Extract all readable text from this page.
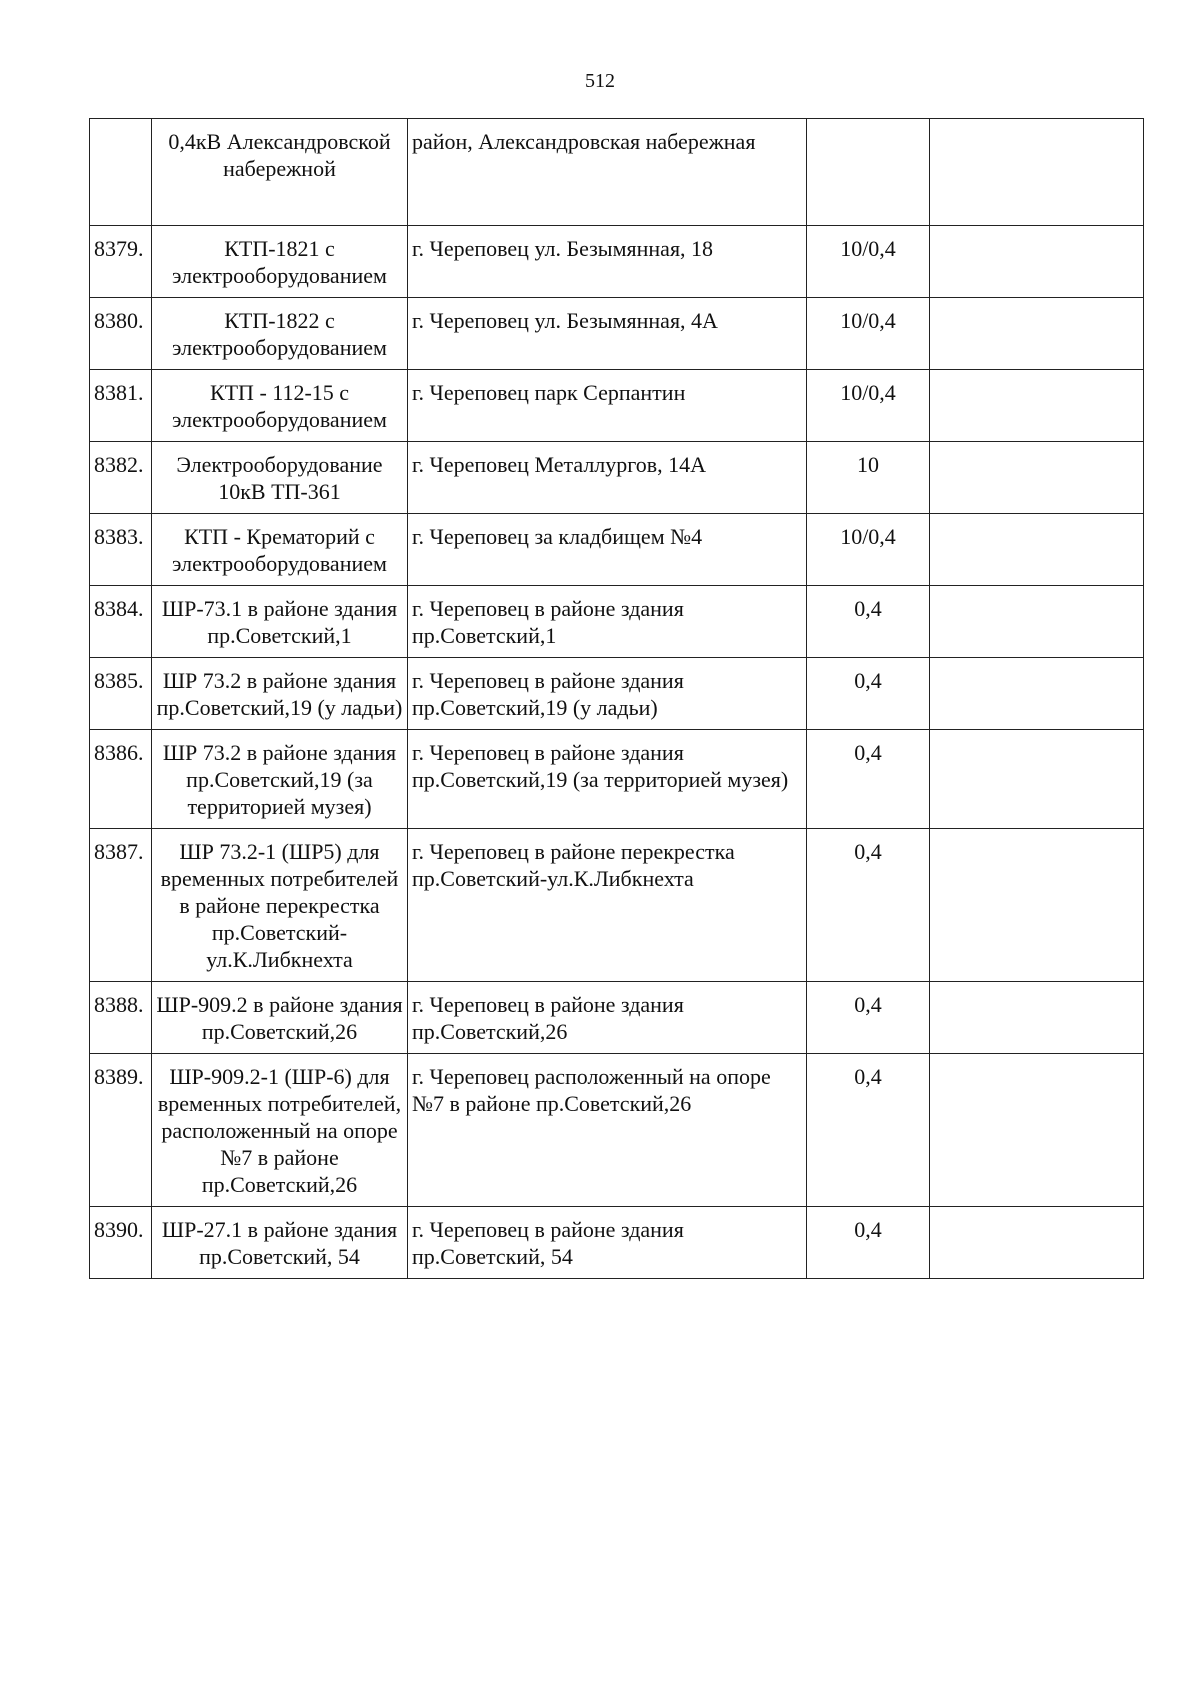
512
	0,4кВ Александровской набережной	район, Александровская набережная		
8379.	КТП-1821 с электрооборудованием	г. Череповец ул. Безымянная, 18	10/0,4	
8380.	КТП-1822 с электрооборудованием	г. Череповец ул. Безымянная, 4А	10/0,4	
8381.	КТП - 112-15 с электрооборудованием	г. Череповец парк Серпантин	10/0,4	
8382.	Электрооборудование 10кВ ТП-361	г. Череповец Металлургов, 14А	10	
8383.	КТП - Крематорий с электрооборудованием	г. Череповец за кладбищем №4	10/0,4	
8384.	ШР-73.1 в районе здания пр.Советский,1	г. Череповец в районе здания пр.Советский,1	0,4	
8385.	ШР 73.2 в районе здания пр.Советский,19 (у ладьи)	г. Череповец в районе здания пр.Советский,19 (у ладьи)	0,4	
8386.	ШР 73.2 в районе здания пр.Советский,19 (за территорией музея)	г. Череповец в районе здания пр.Советский,19 (за территорией музея)	0,4	
8387.	ШР 73.2-1 (ШР5) для временных потребителей в районе перекрестка пр.Советский-ул.К.Либкнехта	г. Череповец в районе перекрестка пр.Советский-ул.К.Либкнехта	0,4	
8388.	ШР-909.2 в районе здания пр.Советский,26	г. Череповец в районе здания пр.Советский,26	0,4	
8389.	ШР-909.2-1 (ШР-6) для временных потребителей, расположенный на опоре №7 в районе пр.Советский,26	г. Череповец расположенный на опоре №7 в районе пр.Советский,26	0,4	
8390.	ШР-27.1 в районе здания пр.Советский, 54	г. Череповец в районе здания пр.Советский, 54	0,4	
